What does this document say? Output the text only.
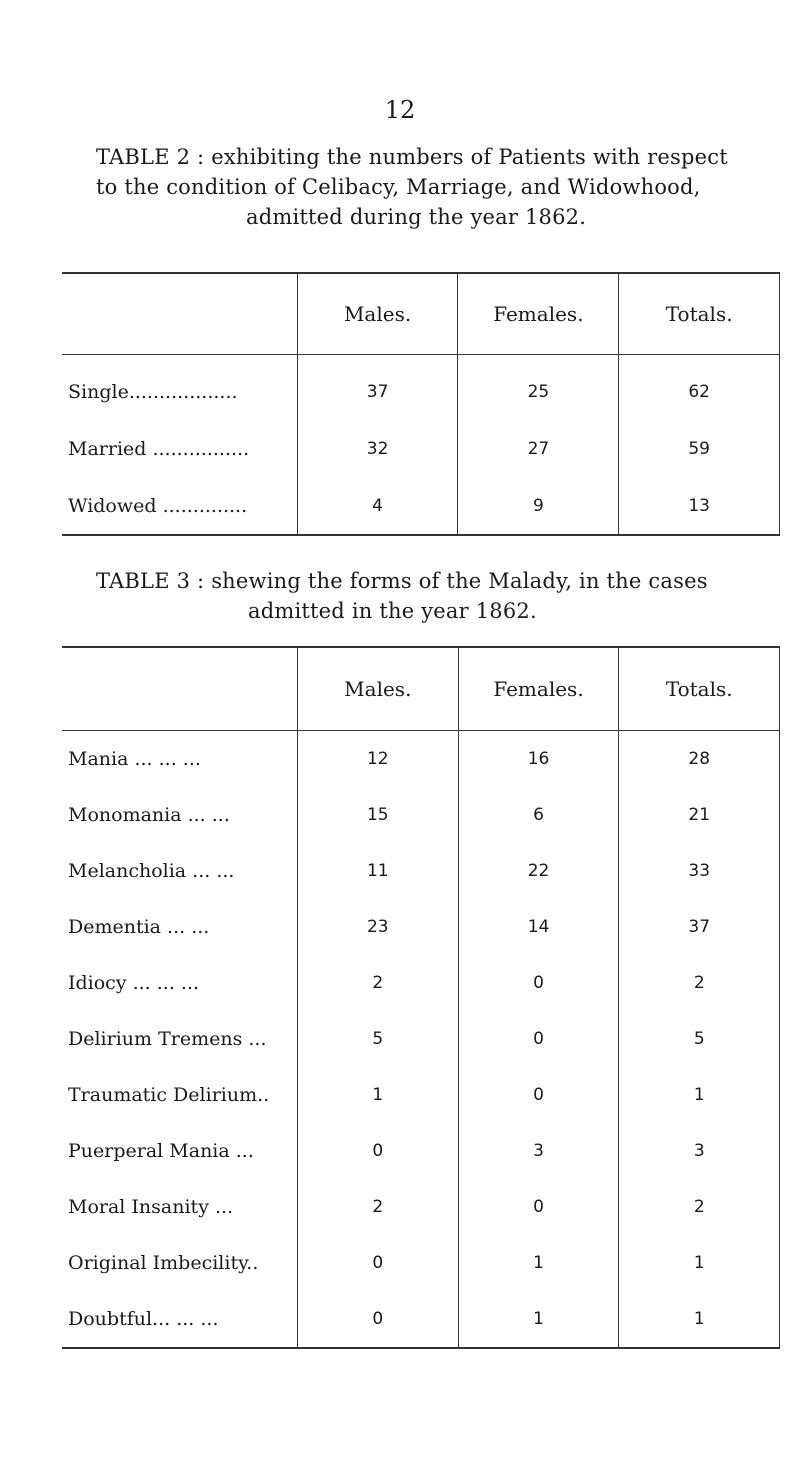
12
TABLE 2 : exhibiting the numbers of Patients with respect
to the condition of Celibacy, Marriage, and Widowhood,
admitted during the year 1862.
	Males.	Females.	Totals.
Single..................	37	25	62
Married ................	32	27	59
Widowed ..............	4	9	13
TABLE 3 : shewing the forms of the Malady, in the cases
admitted in the year 1862.
	Males.	Females.	Totals.
Mania ... ... ...	12	16	28
Monomania ... ...	15	6	21
Melancholia ... ...	11	22	33
Dementia ... ...	23	14	37
Idiocy ... ... ...	2	0	2
Delirium Tremens ...	5	0	5
Traumatic Delirium..	1	0	1
Puerperal Mania ...	0	3	3
Moral Insanity ...	2	0	2
Original Imbecility..	0	1	1
Doubtful... ... ...	0	1	1
